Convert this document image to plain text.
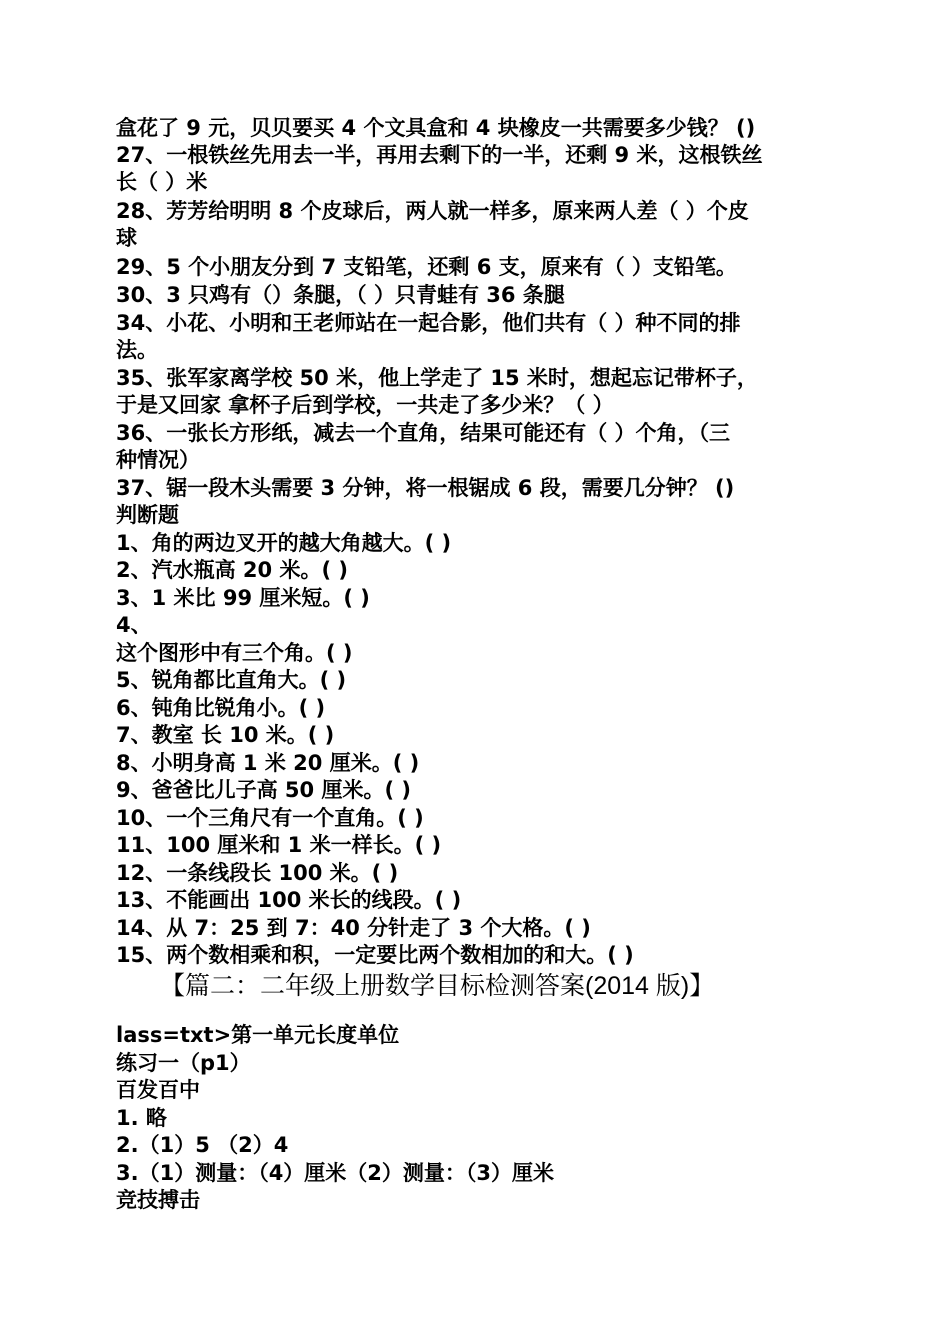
盒花了 9 元，贝贝要买 4 个文具盒和 4 块橡皮一共需要多少钱？ ()
27、一根铁丝先用去一半，再用去剩下的一半，还剩 9 米，这根铁丝
长（ ）米
28、芳芳给明明 8 个皮球后，两人就一样多，原来两人差（ ）个皮
球
29、5 个小朋友分到 7 支铅笔，还剩 6 支，原来有（ ）支铅笔。
30、3 只鸡有（）条腿，（ ）只青蛙有 36 条腿
34、小花、小明和王老师站在一起合影，他们共有（ ）种不同的排
法。
35、张军家离学校 50 米，他上学走了 15 米时，想起忘记带杯子，
于是又回家 拿杯子后到学校，一共走了多少米？（ ）
36、一张长方形纸，减去一个直角，结果可能还有（ ）个角，（三
种情况）
37、锯一段木头需要 3 分钟，将一根锯成 6 段，需要几分钟？ ()
判断题
1、角的两边叉开的越大角越大。( )
2、汽水瓶高 20 米。( )
3、1 米比 99 厘米短。( )
4、
这个图形中有三个角。( )
5、锐角都比直角大。( )
6、钝角比锐角小。( )
7、教室 长 10 米。( )
8、小明身高 1 米 20 厘米。( )
9、爸爸比儿子高 50 厘米。( )
10、一个三角尺有一个直角。( )
11、100 厘米和 1 米一样长。( )
12、一条线段长 100 米。( )
13、不能画出 100 米长的线段。( )
14、从 7：25 到 7：40 分针走了 3 个大格。( )
15、两个数相乘和积，一定要比两个数相加的和大。( )
【篇二：二年级上册数学目标检测答案(2014 版)】
lass=txt>第一单元长度单位
练习一（p1）
百发百中
1. 略
2.（1）5 （2）4
3.（1）测量：（4）厘米（2）测量：（3）厘米
竞技搏击
